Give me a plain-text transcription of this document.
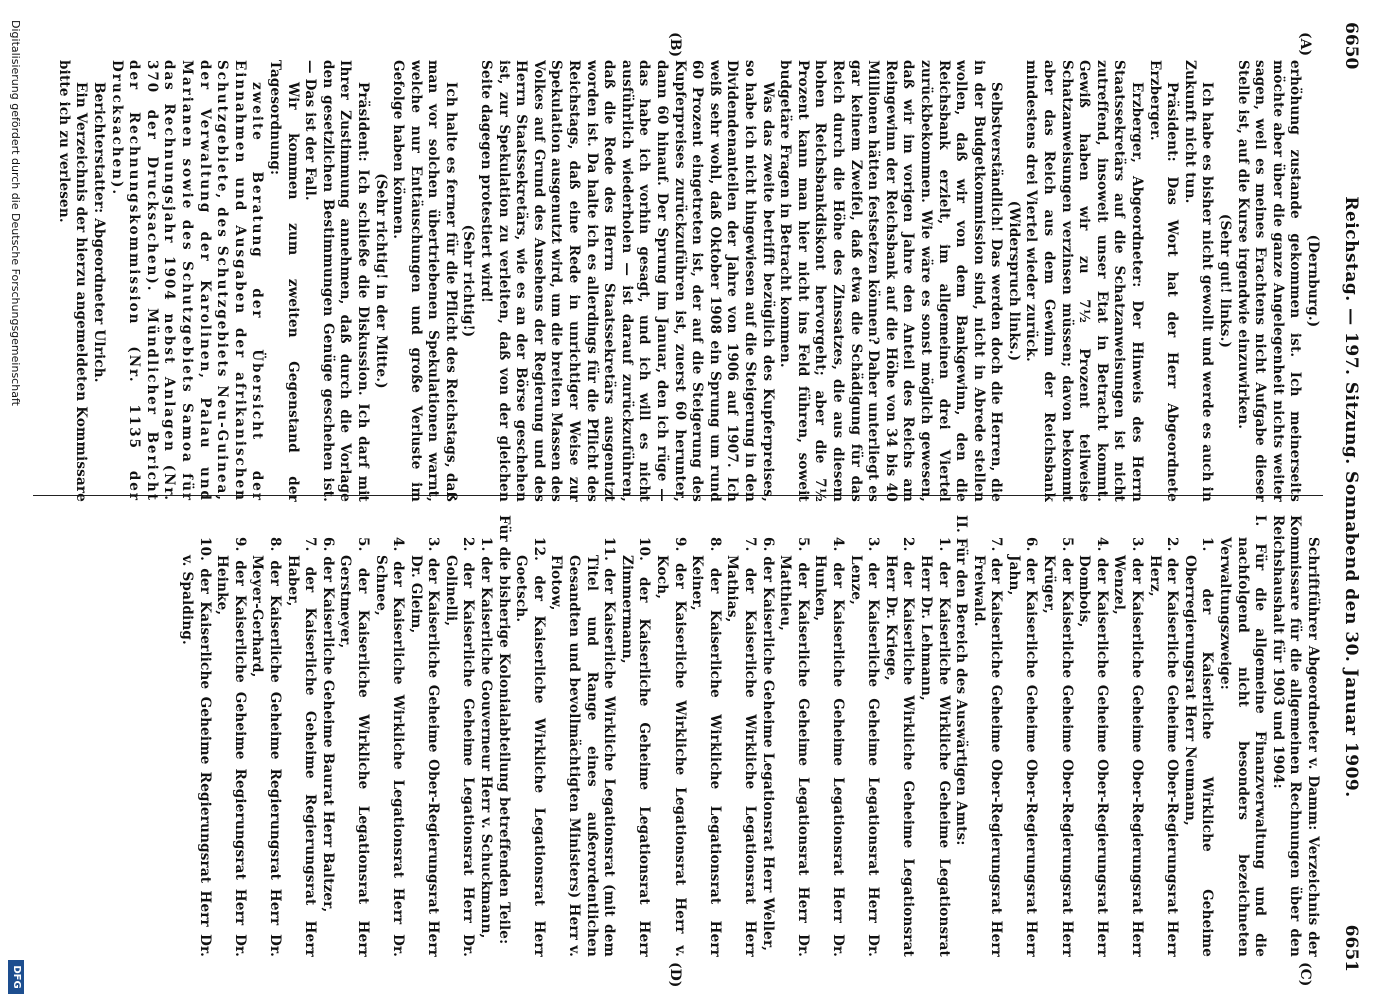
6650
Reichstag. — 197. Sitzung. Sonnabend den 30. Januar 1909.
6651
(A)
(B)
(C)
(D)

(Dernburg.)

erhöhung zustande gekommen ist. Ich meinerseits möchte aber über die ganze Angelegenheit nichts weiter sagen, weil es meines Erachtens nicht Aufgabe dieser Stelle ist, auf die Kurse irgendwie einzuwirken.

(Sehr gut! links.)

Ich habe es bisher nicht gewollt und werde es auch in Zukunft nicht tun.

Präsident: Das Wort hat der Herr Abgeordnete Erzberger.

Erzberger, Abgeordneter: Der Hinweis des Herrn Staatssekretärs auf die Schatzanweisungen ist nicht zutreffend, insoweit unser Etat in Betracht kommt. Gewiß haben wir zu 7½ Prozent teilweise Schatzanweisungen verzinsen müssen; davon bekommt aber das Reich aus dem Gewinn der Reichsbank mindestens drei Viertel wieder zurück.

(Widerspruch links.)

Selbstverständlich! Das werden doch die Herren, die in der Budgetkommission sind, nicht in Abrede stellen wollen, daß wir von dem Bankgewinn, den die Reichsbank erzielt, im allgemeinen drei Viertel zurückbekommen. Wie wäre es sonst möglich gewesen, daß wir im vorigen Jahre den Anteil des Reichs am Reingewinn der Reichsbank auf die Höhe von 34 bis 40 Millionen hätten festsetzen können? Daher unterliegt es gar keinem Zweifel, daß etwa die Schädigung für das Reich durch die Höhe des Zinssatzes, die aus diesem hohen Reichsbankdiskont hervorgeht; aber die 7½ Prozent kann man hier nicht ins Feld führen, soweit budgetäre Fragen in Betracht kommen.

Was das zweite betrifft bezüglich des Kupferpreises, so habe ich nicht hingewiesen auf die Steigerung in den Dividendenanteilen der Jahre von 1906 auf 1907. Ich weiß sehr wohl, daß Oktober 1908 ein Sprung um rund 60 Prozent eingetreten ist, der auf die Steigerung des Kupferpreises zurückzuführen ist, zuerst 60 herunter, dann 60 hinauf. Der Sprung im Januar, den ich rüge — das habe ich vorhin gesagt, und ich will es nicht ausführlich wiederholen — ist darauf zurückzuführen, daß die Rede des Herrn Staatssekretärs ausgenutzt worden ist. Da halte ich es allerdings für die Pflicht des Reichstags, daß eine Rede in unrichtiger Weise zur Spekulation ausgenutzt wird, um die breiten Massen des Volkes auf Grund des Ansehens der Regierung und des Herrn Staatssekretärs, wie es an der Börse geschehen ist, zur Spekulation zu verleiten, daß von der gleichen Seite dagegen protestiert wird!

(Sehr richtig!)

Ich halte es ferner für die Pflicht des Reichstags, daß man vor solchen übertriebenen Spekulationen warnt, welche nur Enttäuschungen und große Verluste im Gefolge haben können.

(Sehr richtig! in der Mitte.)

Präsident: Ich schließe die Diskussion. Ich darf mit Ihrer Zustimmung annehmen, daß durch die Vorlage den gesetzlichen Bestimmungen Genüge geschehen ist. — Das ist der Fall.

Wir kommen zum zweiten Gegenstand der Tagesordnung:

zweite Beratung der Übersicht der Einnahmen und Ausgaben der afrikanischen Schutzgebiete, des Schutzgebiets Neu-Guinea, der Verwaltung der Karolinen, Palau und Marianen sowie des Schutzgebiets Samoa für das Rechnungsjahr 1904 nebst Anlagen (Nr. 370 der Drucksachen). Mündlicher Bericht der Rechnungskommission (Nr. 1135 der Drucksachen).

Berichterstatter: Abgeordneter Ulrich.

Ein Verzeichnis der hierzu angemeldeten Kommissare bitte ich zu verlesen.

Schriftführer Abgeordneter v. Damm: Verzeichnis der Kommissare für die allgemeinen Rechnungen über den Reichshaushalt für 1903 und 1904:

I. Für die allgemeine Finanzverwaltung und die nachfolgend nicht besonders bezeichneten Verwaltungszweige:

1. der Kaiserliche Wirkliche Geheime Oberregierungsrat Herr Neumann,

2. der Kaiserliche Geheime Ober-Regierungsrat Herr Herz,

3. der Kaiserliche Geheime Ober-Regierungsrat Herr Wenzel,

4. der Kaiserliche Geheime Ober-Regierungsrat Herr Dombois,

5. der Kaiserliche Geheime Ober-Regierungsrat Herr Krüger,

6. der Kaiserliche Geheime Ober-Regierungsrat Herr Jahn,

7. der Kaiserliche Geheime Ober-Regierungsrat Herr Freiwald.

II. Für den Bereich des Auswärtigen Amts:

1. der Kaiserliche Wirkliche Geheime Legationsrat Herr Dr. Lehmann,

2. der Kaiserliche Wirkliche Geheime Legationsrat Herr Dr. Kriege,

3. der Kaiserliche Geheime Legationsrat Herr Dr. Lenze,

4. der Kaiserliche Geheime Legationsrat Herr Dr. Hunken,

5. der Kaiserliche Geheime Legationsrat Herr Dr. Matthieu,

6. der Kaiserliche Geheime Legationsrat Herr Weller,

7. der Kaiserliche Wirkliche Legationsrat Herr Mathias,

8. der Kaiserliche Wirkliche Legationsrat Herr Keiner,

9. der Kaiserliche Wirkliche Legationsrat Herr v. Koch,

10. der Kaiserliche Geheime Legationsrat Herr Zimmermann,

11. der Kaiserliche Wirkliche Legationsrat (mit dem Titel und Range eines außerordentlichen Gesandten und bevollmächtigten Ministers) Herr v. Flotow,

12. der Kaiserliche Wirkliche Legationsrat Herr Goetsch.

Für die bisherige Kolonialabteilung betreffenden Teile:

1. der Kaiserliche Gouverneur Herr v. Schuckmann,

2. der Kaiserliche Geheime Legationsrat Herr Dr. Golinelli,

3. der Kaiserliche Geheime Ober-Regierungsrat Herr Dr. Gleim,

4. der Kaiserliche Wirkliche Legationsrat Herr Dr. Schnee,

5. der Kaiserliche Wirkliche Legationsrat Herr Gerstmeyer,

6. der Kaiserliche Geheime Baurat Herr Baltzer,

7. der Kaiserliche Geheime Regierungsrat Herr Haber,

8. der Kaiserliche Geheime Regierungsrat Herr Dr. Meyer-Gerhard,

9. der Kaiserliche Geheime Regierungsrat Herr Dr. Heinke,

10. der Kaiserliche Geheime Regierungsrat Herr Dr. v. Spalding.

Digitalisierung gefördert durch die Deutsche Forschungsgemeinschaft
DFG
